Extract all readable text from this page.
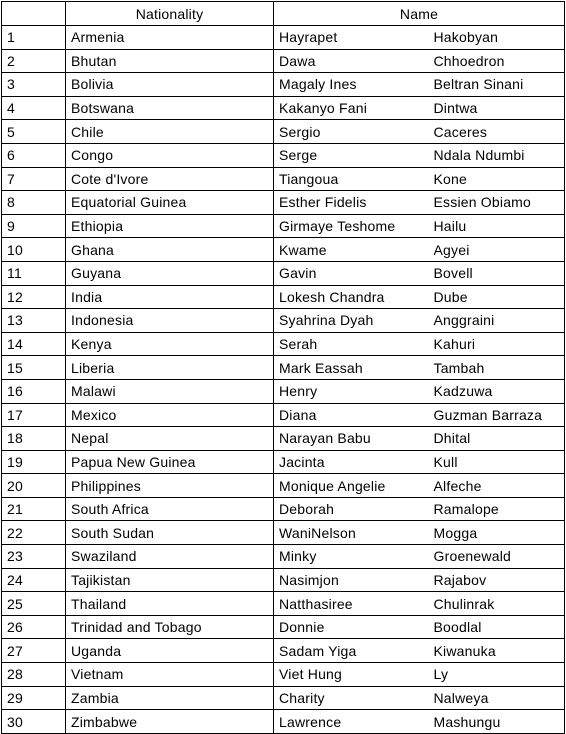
	Nationality	Name	
1	Armenia	Hayrapet	Hakobyan
2	Bhutan	Dawa	Chhoedron
3	Bolivia	Magaly Ines	Beltran Sinani
4	Botswana	Kakanyo Fani	Dintwa
5	Chile	Sergio	Caceres
6	Congo	Serge	Ndala Ndumbi
7	Cote d'Ivore	Tiangoua	Kone
8	Equatorial Guinea	Esther Fidelis	Essien Obiamo
9	Ethiopia	Girmaye Teshome	Hailu
10	Ghana	Kwame	Agyei
11	Guyana	Gavin	Bovell
12	India	Lokesh Chandra	Dube
13	Indonesia	Syahrina Dyah	Anggraini
14	Kenya	Serah	Kahuri
15	Liberia	Mark Eassah	Tambah
16	Malawi	Henry	Kadzuwa
17	Mexico	Diana	Guzman Barraza
18	Nepal	Narayan Babu	Dhital
19	Papua New Guinea	Jacinta	Kull
20	Philippines	Monique Angelie	Alfeche
21	South Africa	Deborah	Ramalope
22	South Sudan	WaniNelson	Mogga
23	Swaziland	Minky	Groenewald
24	Tajikistan	Nasimjon	Rajabov
25	Thailand	Natthasiree	Chulinrak
26	Trinidad and Tobago	Donnie	Boodlal
27	Uganda	Sadam Yiga	Kiwanuka
28	Vietnam	Viet Hung	Ly
29	Zambia	Charity	Nalweya
30	Zimbabwe	Lawrence	Mashungu
